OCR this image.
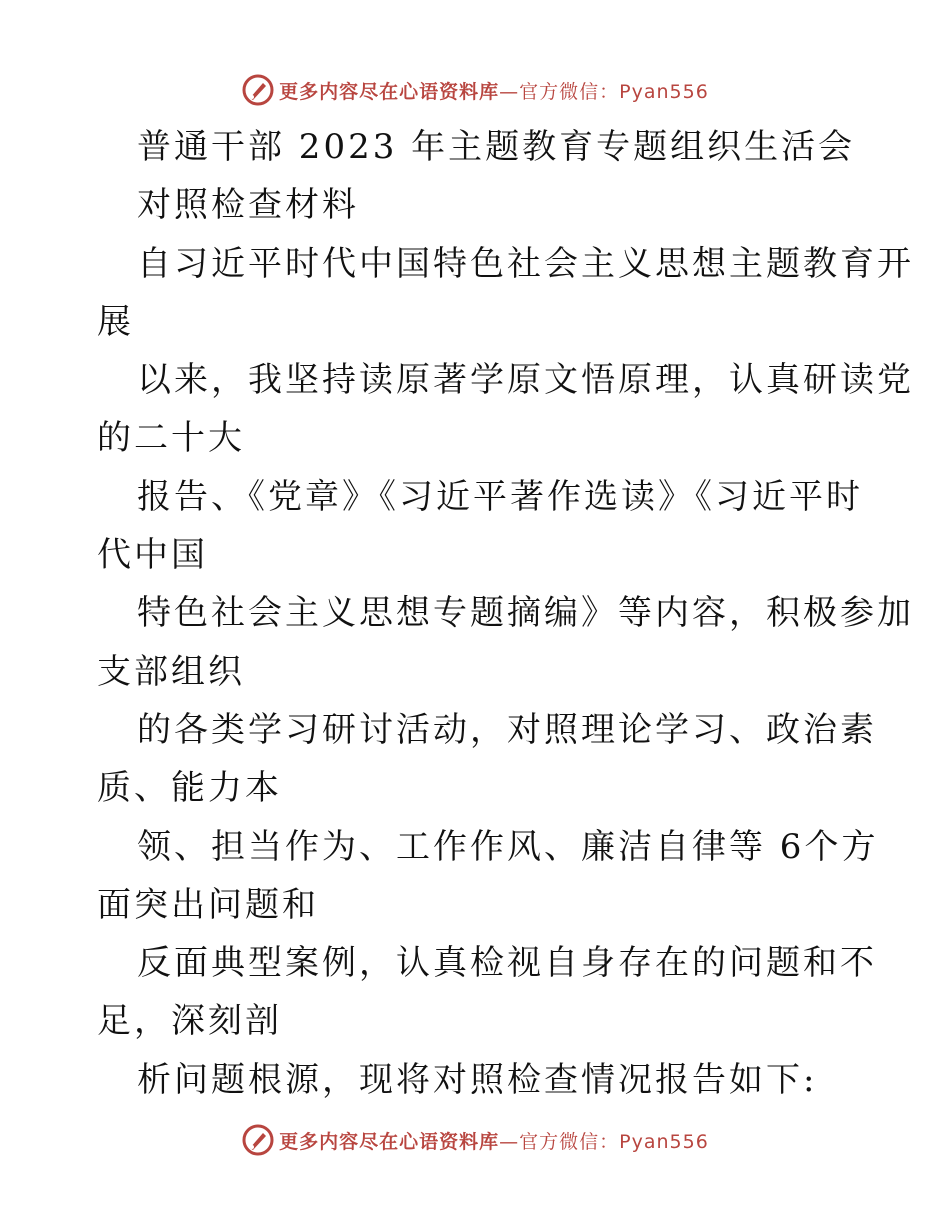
更多内容尽在心语资料库 —官方微信：Pyan556
普通干部 2023 年主题教育专题组织生活会
对照检查材料
自习近平时代中国特色社会主义思想主题教育开
展
以来，我坚持读原著学原文悟原理，认真研读党
的二十大
报告、《党章》《习近平著作选读》《习近平时
代中国
特色社会主义思想专题摘编》等内容，积极参加
支部组织
的各类学习研讨活动，对照理论学习、政治素
质、能力本
领、担当作为、工作作风、廉洁自律等 6个方
面突出问题和
反面典型案例，认真检视自身存在的问题和不
足，深刻剖
析问题根源，现将对照检查情况报告如下:
更多内容尽在心语资料库 —官方微信：Pyan556
